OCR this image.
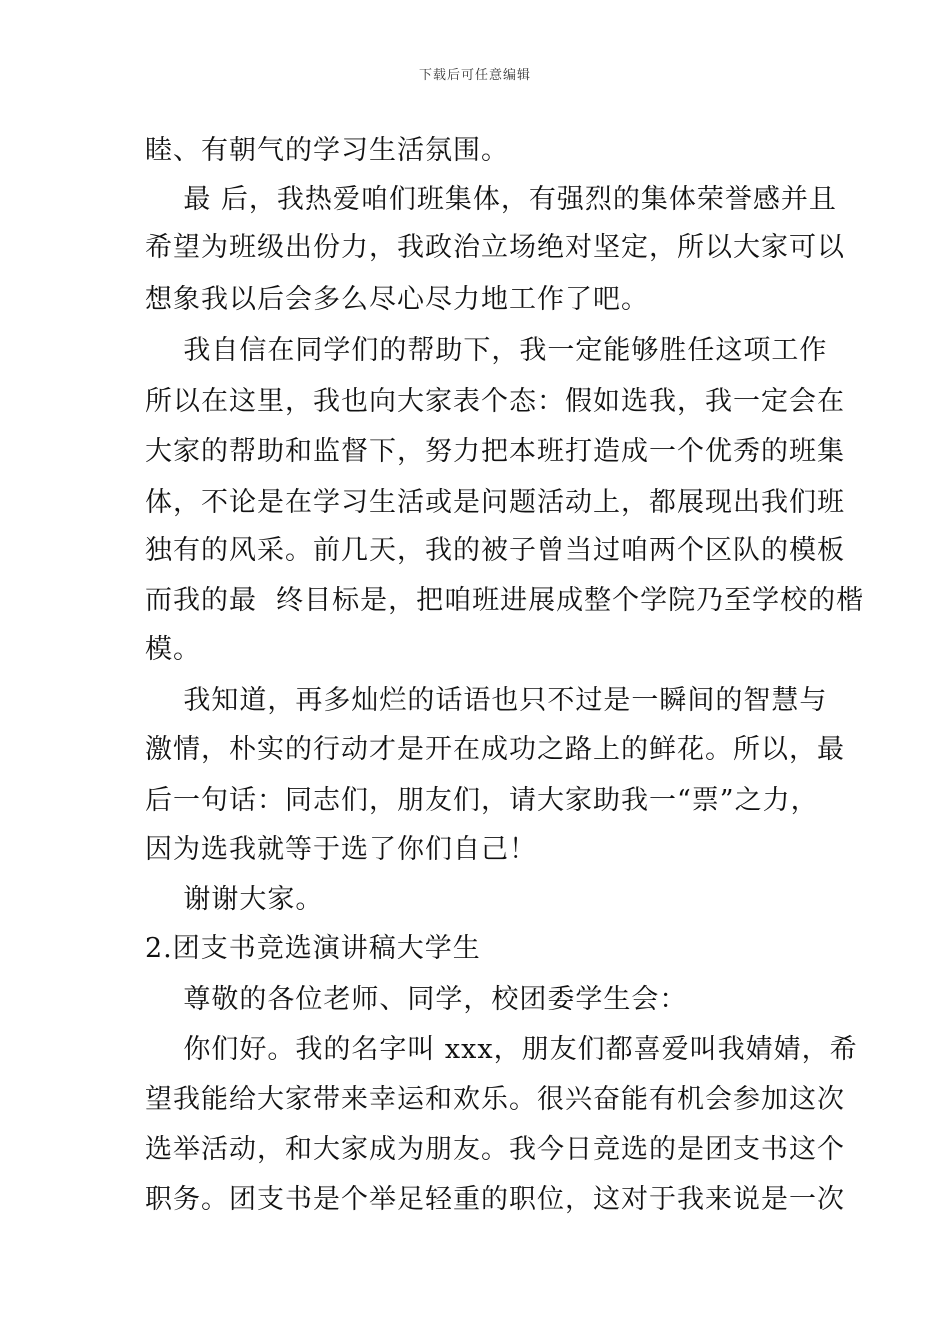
下载后可任意编辑
睦、有朝气的学习生活氛围。
最 后，我热爱咱们班集体，有强烈的集体荣誉感并且
希望为班级出份力，我政治立场绝对坚定，所以大家可以
想象我以后会多么尽心尽力地工作了吧。
我自信在同学们的帮助下，我一定能够胜任这项工作
所以在这里，我也向大家表个态：假如选我，我一定会在
大家的帮助和监督下，努力把本班打造成一个优秀的班集
体，不论是在学习生活或是问题活动上，都展现出我们班
独有的风采。前几天，我的被子曾当过咱两个区队的模板
而我的最  终目标是，把咱班进展成整个学院乃至学校的楷
模。
我知道，再多灿烂的话语也只不过是一瞬间的智慧与
激情，朴实的行动才是开在成功之路上的鲜花。所以，最
后一句话：同志们，朋友们，请大家助我一“票”之力，
因为选我就等于选了你们自己！
谢谢大家。
2.团支书竞选演讲稿大学生
尊敬的各位老师、同学，校团委学生会：
你们好。我的名字叫 xxx，朋友们都喜爱叫我婧婧，希
望我能给大家带来幸运和欢乐。很兴奋能有机会参加这次
选举活动，和大家成为朋友。我今日竞选的是团支书这个
职务。团支书是个举足轻重的职位，这对于我来说是一次
